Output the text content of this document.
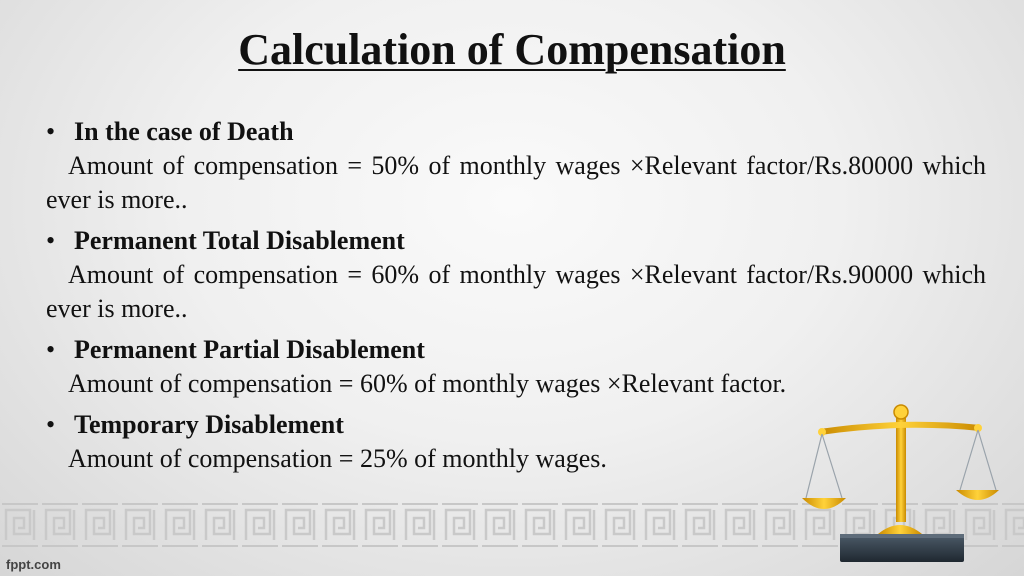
Calculation of Compensation
• In the case of Death
Amount of compensation = 50% of monthly wages ×Relevant factor/Rs.80000 which ever is more..
• Permanent Total Disablement
Amount of compensation = 60% of monthly wages ×Relevant factor/Rs.90000 which ever is more..
• Permanent Partial Disablement
Amount of compensation = 60% of monthly wages ×Relevant factor.
• Temporary Disablement
Amount of compensation = 25% of monthly wages.
fppt.com
